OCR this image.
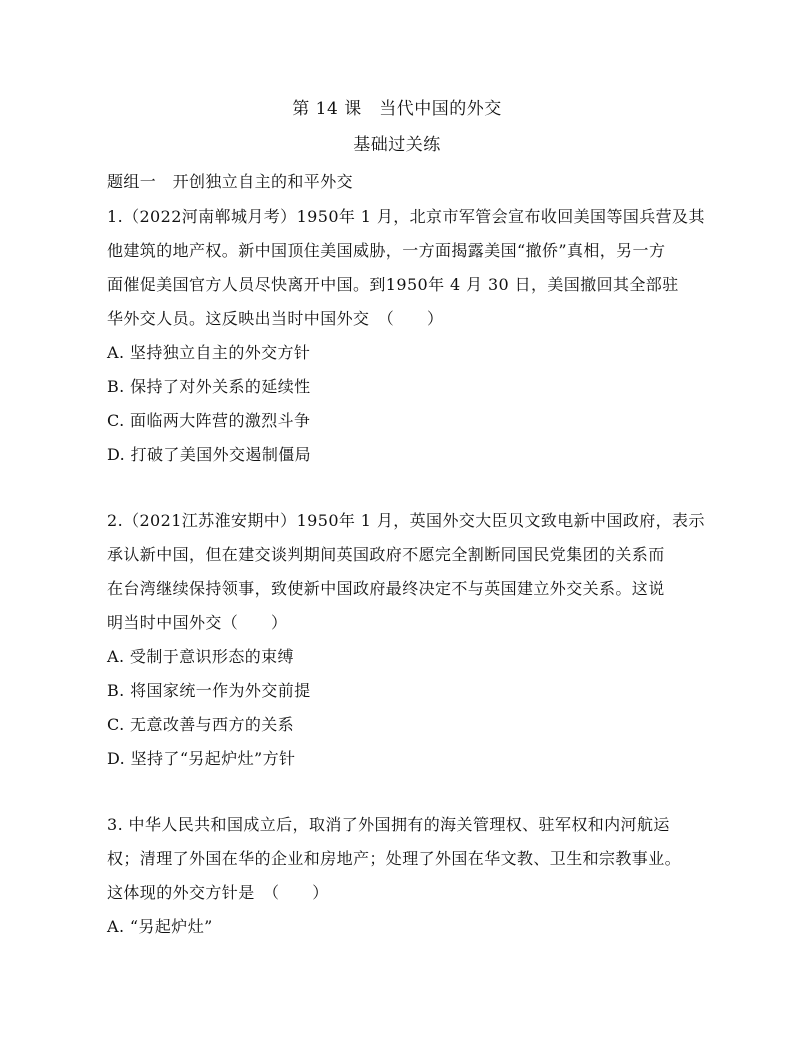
第 14 课　当代中国的外交
基础过关练
题组一　开创独立自主的和平外交
1.（2022河南郸城月考）1950年 1 月，北京市军管会宣布收回美国等国兵营及其
他建筑的地产权。新中国顶住美国威胁，一方面揭露美国“撤侨”真相，另一方
面催促美国官方人员尽快离开中国。到1950年 4 月 30 日，美国撤回其全部驻
华外交人员。这反映出当时中国外交　（　　）
A. 坚持独立自主的外交方针
B. 保持了对外关系的延续性
C. 面临两大阵营的激烈斗争
D. 打破了美国外交遏制僵局
2.（2021江苏淮安期中）1950年 1 月，英国外交大臣贝文致电新中国政府，表示
承认新中国，但在建交谈判期间英国政府不愿完全割断同国民党集团的关系而
在台湾继续保持领事，致使新中国政府最终决定不与英国建立外交关系。这说
明当时中国外交（　　）
A. 受制于意识形态的束缚
B. 将国家统一作为外交前提
C. 无意改善与西方的关系
D. 坚持了“另起炉灶”方针
3. 中华人民共和国成立后，取消了外国拥有的海关管理权、驻军权和内河航运
权；清理了外国在华的企业和房地产；处理了外国在华文教、卫生和宗教事业。
这体现的外交方针是　（　　）
A. “另起炉灶”
